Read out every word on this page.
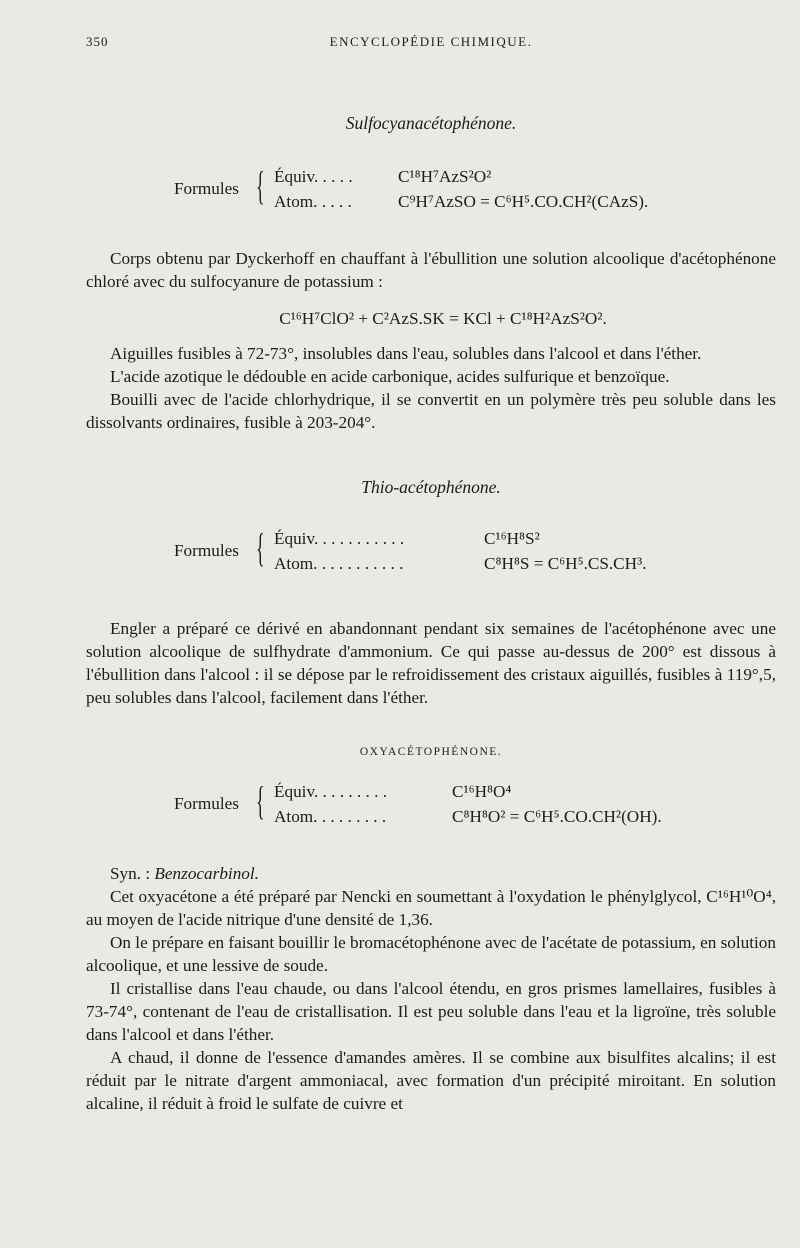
350	ENCYCLOPÉDIE CHIMIQUE.
Sulfocyanacétophénone.
Formules { Équiv. . . . .	C¹⁸H⁷AzS²O²
Atom. . . . .	C⁹H⁷AzSO = C⁶H⁵.CO.CH²(CAzS).

Corps obtenu par Dyckerhoff en chauffant à l'ébullition une solution alcoolique d'acétophénone chloré avec du sulfocyanure de potassium :

C¹⁶H⁷ClO² + C²AzS.SK = KCl + C¹⁸H²AzS²O².

Aiguilles fusibles à 72-73°, insolubles dans l'eau, solubles dans l'alcool et dans l'éther.

L'acide azotique le dédouble en acide carbonique, acides sulfurique et benzoïque.

Bouilli avec de l'acide chlorhydrique, il se convertit en un polymère très peu soluble dans les dissolvants ordinaires, fusible à 203-204°.

Thio-acétophénone.
Formules { Équiv. . . . . . . . . . .	C¹⁶H⁸S²
Atom. . . . . . . . . . .	C⁸H⁸S = C⁶H⁵.CS.CH³.

Engler a préparé ce dérivé en abandonnant pendant six semaines de l'acétophénone avec une solution alcoolique de sulfhydrate d'ammonium. Ce qui passe au-dessus de 200° est dissous à l'ébullition dans l'alcool : il se dépose par le refroidissement des cristaux aiguillés, fusibles à 119°,5, peu solubles dans l'alcool, facilement dans l'éther.

OXYACÉTOPHÉNONE.
Formules { Équiv. . . . . . . . .	C¹⁶H⁸O⁴
Atom. . . . . . . . .	C⁸H⁸O² = C⁶H⁵.CO.CH²(OH).

Syn. : Benzocarbinol.

Cet oxyacétone a été préparé par Nencki en soumettant à l'oxydation le phénylglycol, C¹⁶H¹⁰O⁴, au moyen de l'acide nitrique d'une densité de 1,36.

On le prépare en faisant bouillir le bromacétophénone avec de l'acétate de potassium, en solution alcoolique, et une lessive de soude.

Il cristallise dans l'eau chaude, ou dans l'alcool étendu, en gros prismes lamellaires, fusibles à 73-74°, contenant de l'eau de cristallisation. Il est peu soluble dans l'eau et la ligroïne, très soluble dans l'alcool et dans l'éther.

A chaud, il donne de l'essence d'amandes amères. Il se combine aux bisulfites alcalins; il est réduit par le nitrate d'argent ammoniacal, avec formation d'un précipité miroitant. En solution alcaline, il réduit à froid le sulfate de cuivre et
